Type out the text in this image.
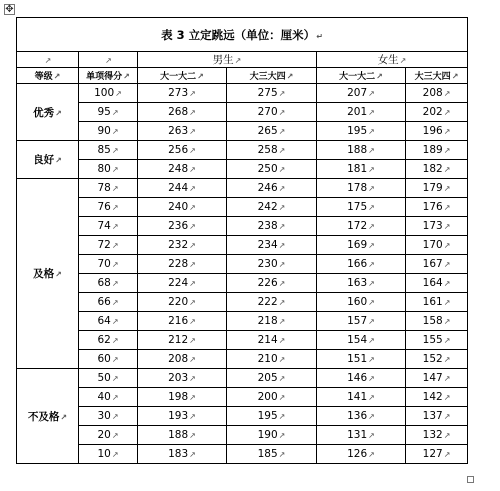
✥
表 3 立定跳远（单位：厘米）↵					
↗	↗	男生↗		女生↗	
等级↗	单项得分↗	大一大二↗	大三大四↗	大一大二↗	大三大四↗
优秀↗	100↗	273↗	275↗	207↗	208↗
	95↗	268↗	270↗	201↗	202↗
	90↗	263↗	265↗	195↗	196↗
良好↗	85↗	256↗	258↗	188↗	189↗
	80↗	248↗	250↗	181↗	182↗
及格↗	78↗	244↗	246↗	178↗	179↗
	76↗	240↗	242↗	175↗	176↗
	74↗	236↗	238↗	172↗	173↗
	72↗	232↗	234↗	169↗	170↗
	70↗	228↗	230↗	166↗	167↗
	68↗	224↗	226↗	163↗	164↗
	66↗	220↗	222↗	160↗	161↗
	64↗	216↗	218↗	157↗	158↗
	62↗	212↗	214↗	154↗	155↗
	60↗	208↗	210↗	151↗	152↗
不及格↗	50↗	203↗	205↗	146↗	147↗
	40↗	198↗	200↗	141↗	142↗
	30↗	193↗	195↗	136↗	137↗
	20↗	188↗	190↗	131↗	132↗
	10↗	183↗	185↗	126↗	127↗
